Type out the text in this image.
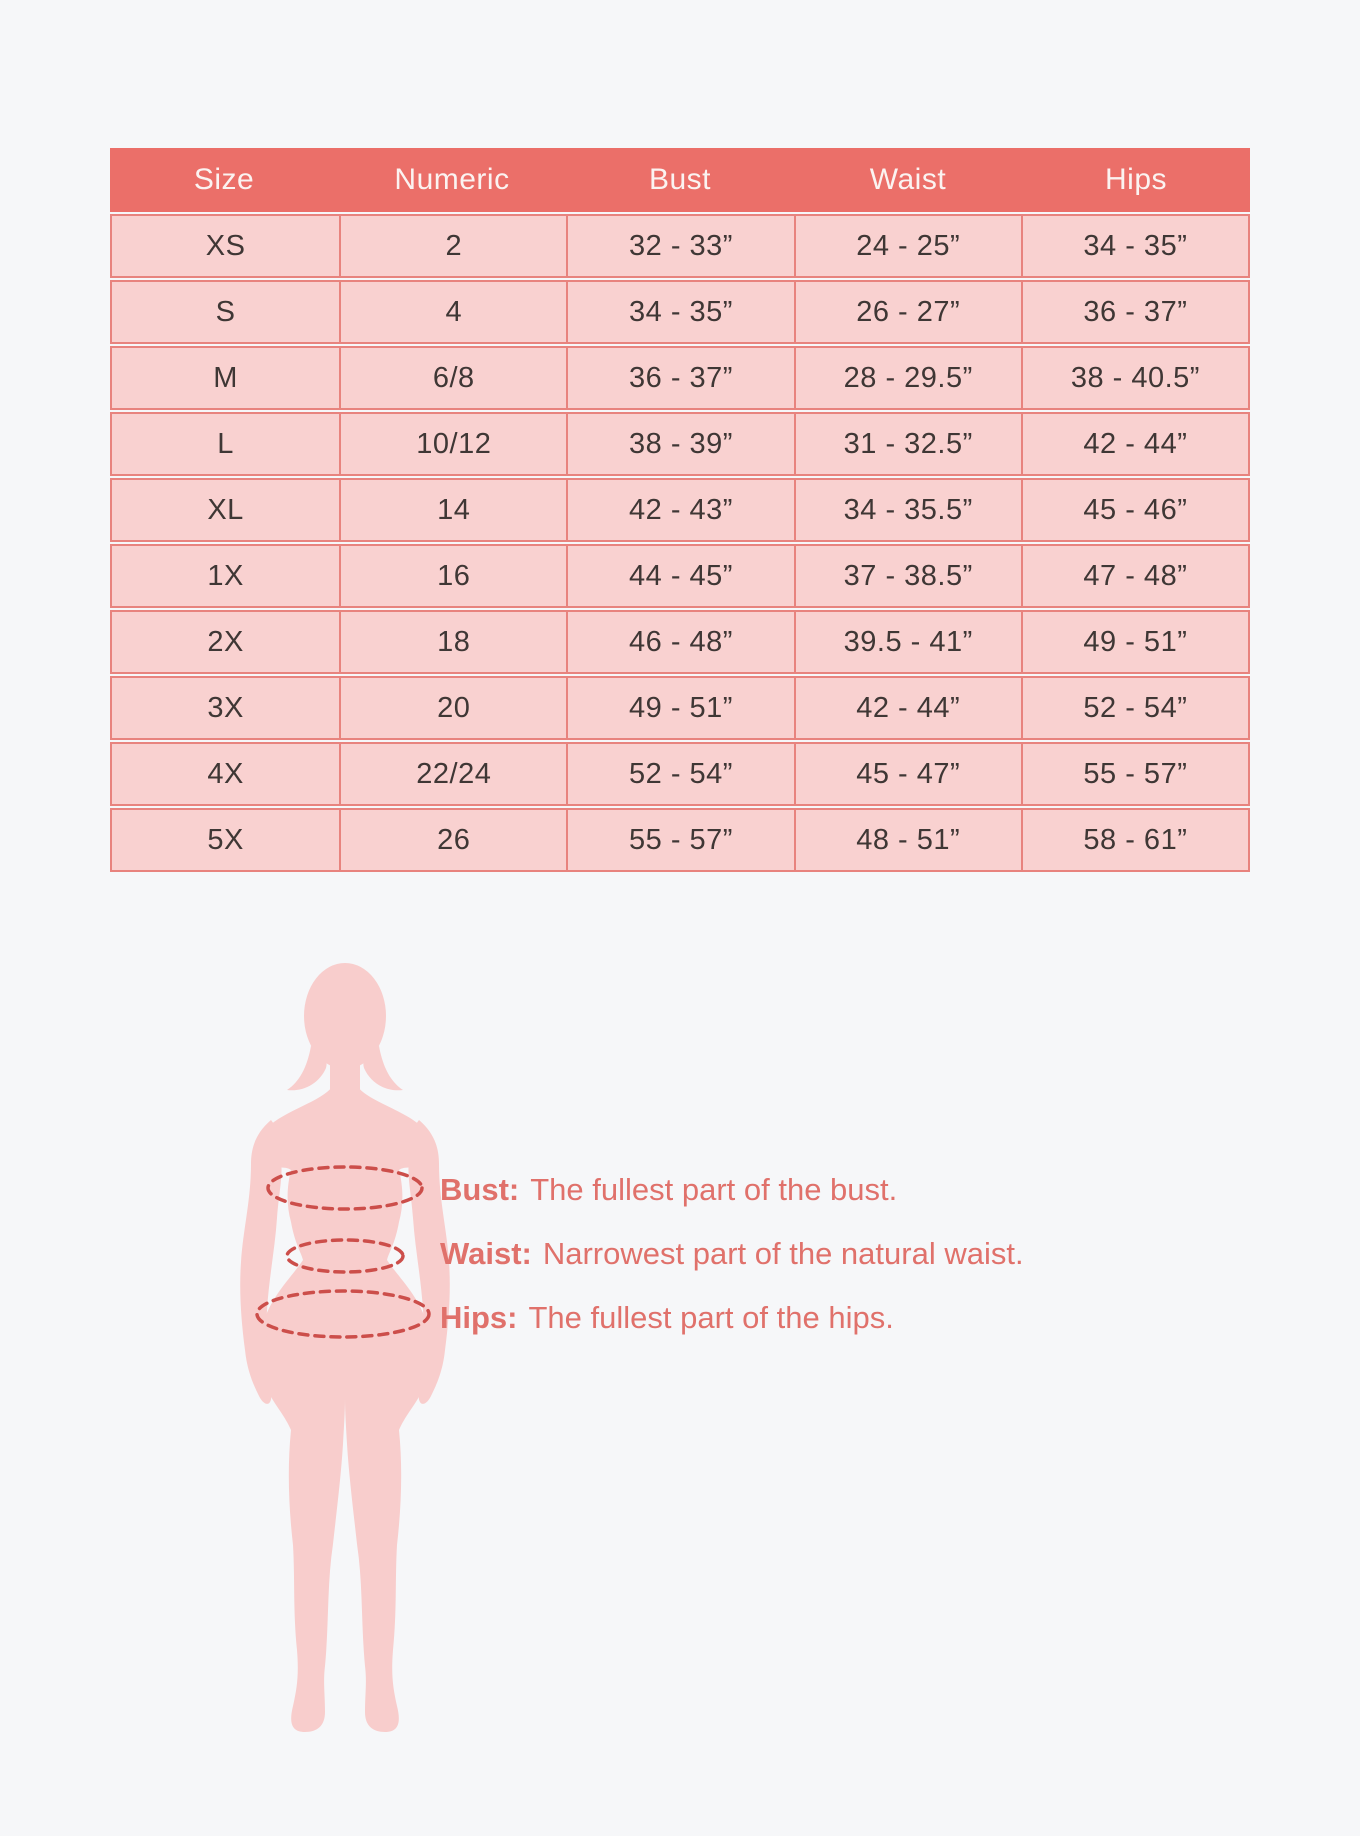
Size	Numeric	Bust	Waist	Hips
XS	2	32 - 33”	24 - 25”	34 - 35”
S	4	34 - 35”	26 - 27”	36 - 37”
M	6/8	36 - 37”	28 - 29.5”	38 - 40.5”
L	10/12	38 - 39”	31 - 32.5”	42 - 44”
XL	14	42 - 43”	34 - 35.5”	45 - 46”
1X	16	44 - 45”	37 - 38.5”	47 - 48”
2X	18	46 - 48”	39.5 - 41”	49 - 51”
3X	20	49 - 51”	42 - 44”	52 - 54”
4X	22/24	52 - 54”	45 - 47”	55 - 57”
5X	26	55 - 57”	48 - 51”	58 - 61”
Bust: The fullest part of the bust.
Waist: Narrowest part of the natural waist.
Hips: The fullest part of the hips.
